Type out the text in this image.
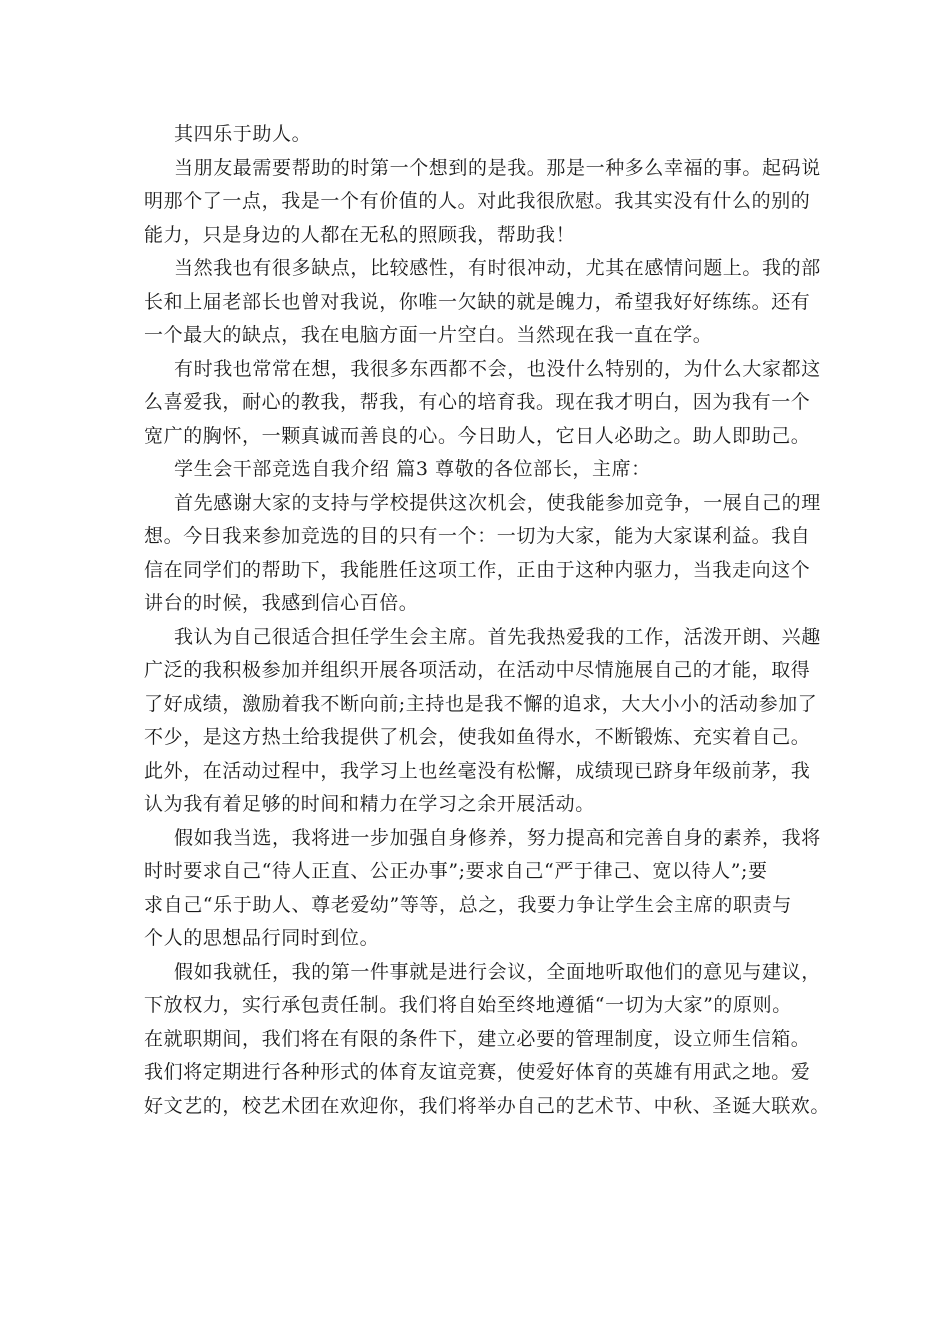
其四乐于助人。
当朋友最需要帮助的时第一个想到的是我。那是一种多么幸福的事。起码说
明那个了一点，我是一个有价值的人。对此我很欣慰。我其实没有什么的别的
能力，只是身边的人都在无私的照顾我，帮助我！
当然我也有很多缺点，比较感性，有时很冲动，尤其在感情问题上。我的部
长和上届老部长也曾对我说，你唯一欠缺的就是魄力，希望我好好练练。还有
一个最大的缺点，我在电脑方面一片空白。当然现在我一直在学。
有时我也常常在想，我很多东西都不会，也没什么特别的，为什么大家都这
么喜爱我，耐心的教我，帮我，有心的培育我。现在我才明白，因为我有一个
宽广的胸怀，一颗真诚而善良的心。今日助人，它日人必助之。助人即助己。
学生会干部竞选自我介绍 篇3 尊敬的各位部长，主席：
首先感谢大家的支持与学校提供这次机会，使我能参加竞争，一展自己的理
想。今日我来参加竞选的目的只有一个：一切为大家，能为大家谋利益。我自
信在同学们的帮助下，我能胜任这项工作，正由于这种内驱力，当我走向这个
讲台的时候，我感到信心百倍。
我认为自己很适合担任学生会主席。首先我热爱我的工作，活泼开朗、兴趣
广泛的我积极参加并组织开展各项活动，在活动中尽情施展自己的才能，取得
了好成绩，激励着我不断向前;主持也是我不懈的追求，大大小小的活动参加了
不少，是这方热土给我提供了机会，使我如鱼得水，不断锻炼、充实着自己。
此外，在活动过程中，我学习上也丝毫没有松懈，成绩现已跻身年级前茅，我
认为我有着足够的时间和精力在学习之余开展活动。
假如我当选，我将进一步加强自身修养，努力提高和完善自身的素养，我将
时时要求自己“待人正直、公正办事”;要求自己“严于律己、宽以待人”;要
求自己“乐于助人、尊老爱幼”等等，总之，我要力争让学生会主席的职责与
个人的思想品行同时到位。
假如我就任，我的第一件事就是进行会议，全面地听取他们的意见与建议，
下放权力，实行承包责任制。我们将自始至终地遵循“一切为大家”的原则。
在就职期间，我们将在有限的条件下，建立必要的管理制度，设立师生信箱。
我们将定期进行各种形式的体育友谊竞赛，使爱好体育的英雄有用武之地。爱
好文艺的，校艺术团在欢迎你，我们将举办自己的艺术节、中秋、圣诞大联欢。
